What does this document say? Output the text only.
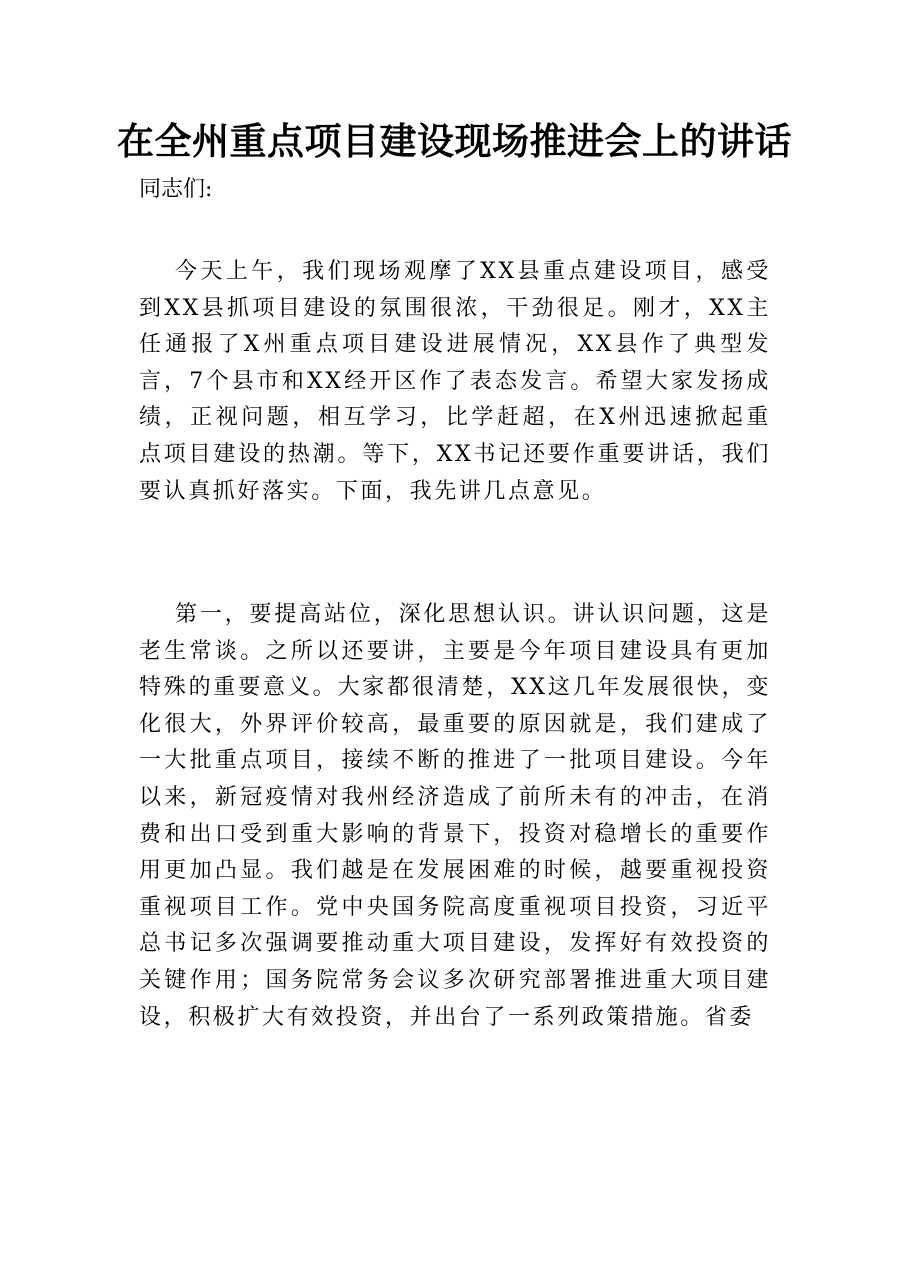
在全州重点项目建设现场推进会上的讲话

同志们:

今天上午，我们现场观摩了XX县重点建设项目，感受到XX县抓项目建设的氛围很浓，干劲很足。刚才，XX主任通报了X州重点项目建设进展情况，XX县作了典型发言，7个县市和XX经开区作了表态发言。希望大家发扬成绩，正视问题，相互学习，比学赶超，在X州迅速掀起重点项目建设的热潮。等下，XX书记还要作重要讲话，我们要认真抓好落实。下面，我先讲几点意见。

第一，要提高站位，深化思想认识。讲认识问题，这是老生常谈。之所以还要讲，主要是今年项目建设具有更加特殊的重要意义。大家都很清楚，XX这几年发展很快，变化很大，外界评价较高，最重要的原因就是，我们建成了一大批重点项目，接续不断的推进了一批项目建设。今年以来，新冠疫情对我州经济造成了前所未有的冲击，在消费和出口受到重大影响的背景下，投资对稳增长的重要作用更加凸显。我们越是在发展困难的时候，越要重视投资重视项目工作。党中央国务院高度重视项目投资，习近平总书记多次强调要推动重大项目建设，发挥好有效投资的关键作用；国务院常务会议多次研究部署推进重大项目建设，积极扩大有效投资，并出台了一系列政策措施。省委
